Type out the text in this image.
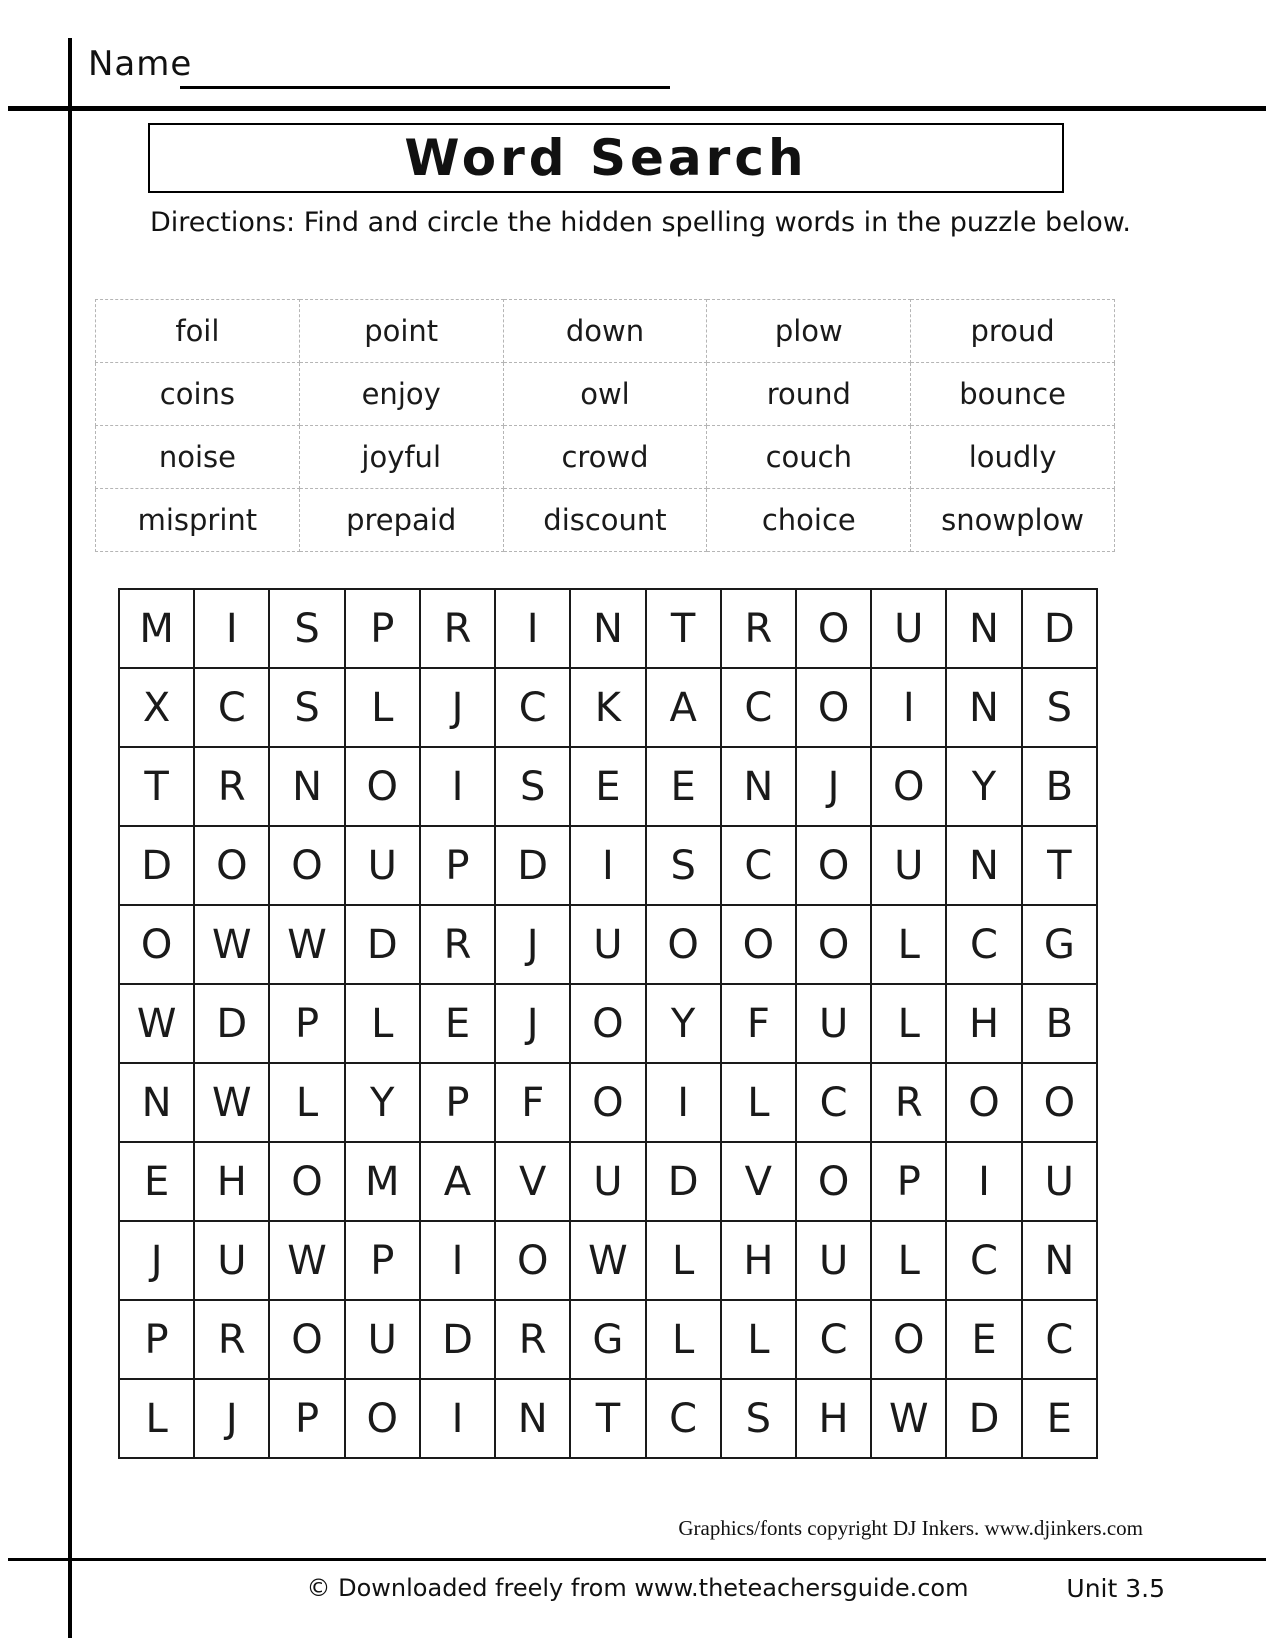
Name
Word Search
Directions: Find and circle the hidden spelling words in the puzzle below.
foil	point	down	plow	proud
coins	enjoy	owl	round	bounce
noise	joyful	crowd	couch	loudly
misprint	prepaid	discount	choice	snowplow
M	I	S	P	R	I	N	T	R	O	U	N	D
X	C	S	L	J	C	K	A	C	O	I	N	S
T	R	N	O	I	S	E	E	N	J	O	Y	B
D	O	O	U	P	D	I	S	C	O	U	N	T
O	W	W	D	R	J	U	O	O	O	L	C	G
W	D	P	L	E	J	O	Y	F	U	L	H	B
N	W	L	Y	P	F	O	I	L	C	R	O	O
E	H	O	M	A	V	U	D	V	O	P	I	U
J	U	W	P	I	O	W	L	H	U	L	C	N
P	R	O	U	D	R	G	L	L	C	O	E	C
L	J	P	O	I	N	T	C	S	H	W	D	E
Graphics/fonts copyright DJ Inkers. www.djinkers.com
© Downloaded freely from www.theteachersguide.com	Unit 3.5
